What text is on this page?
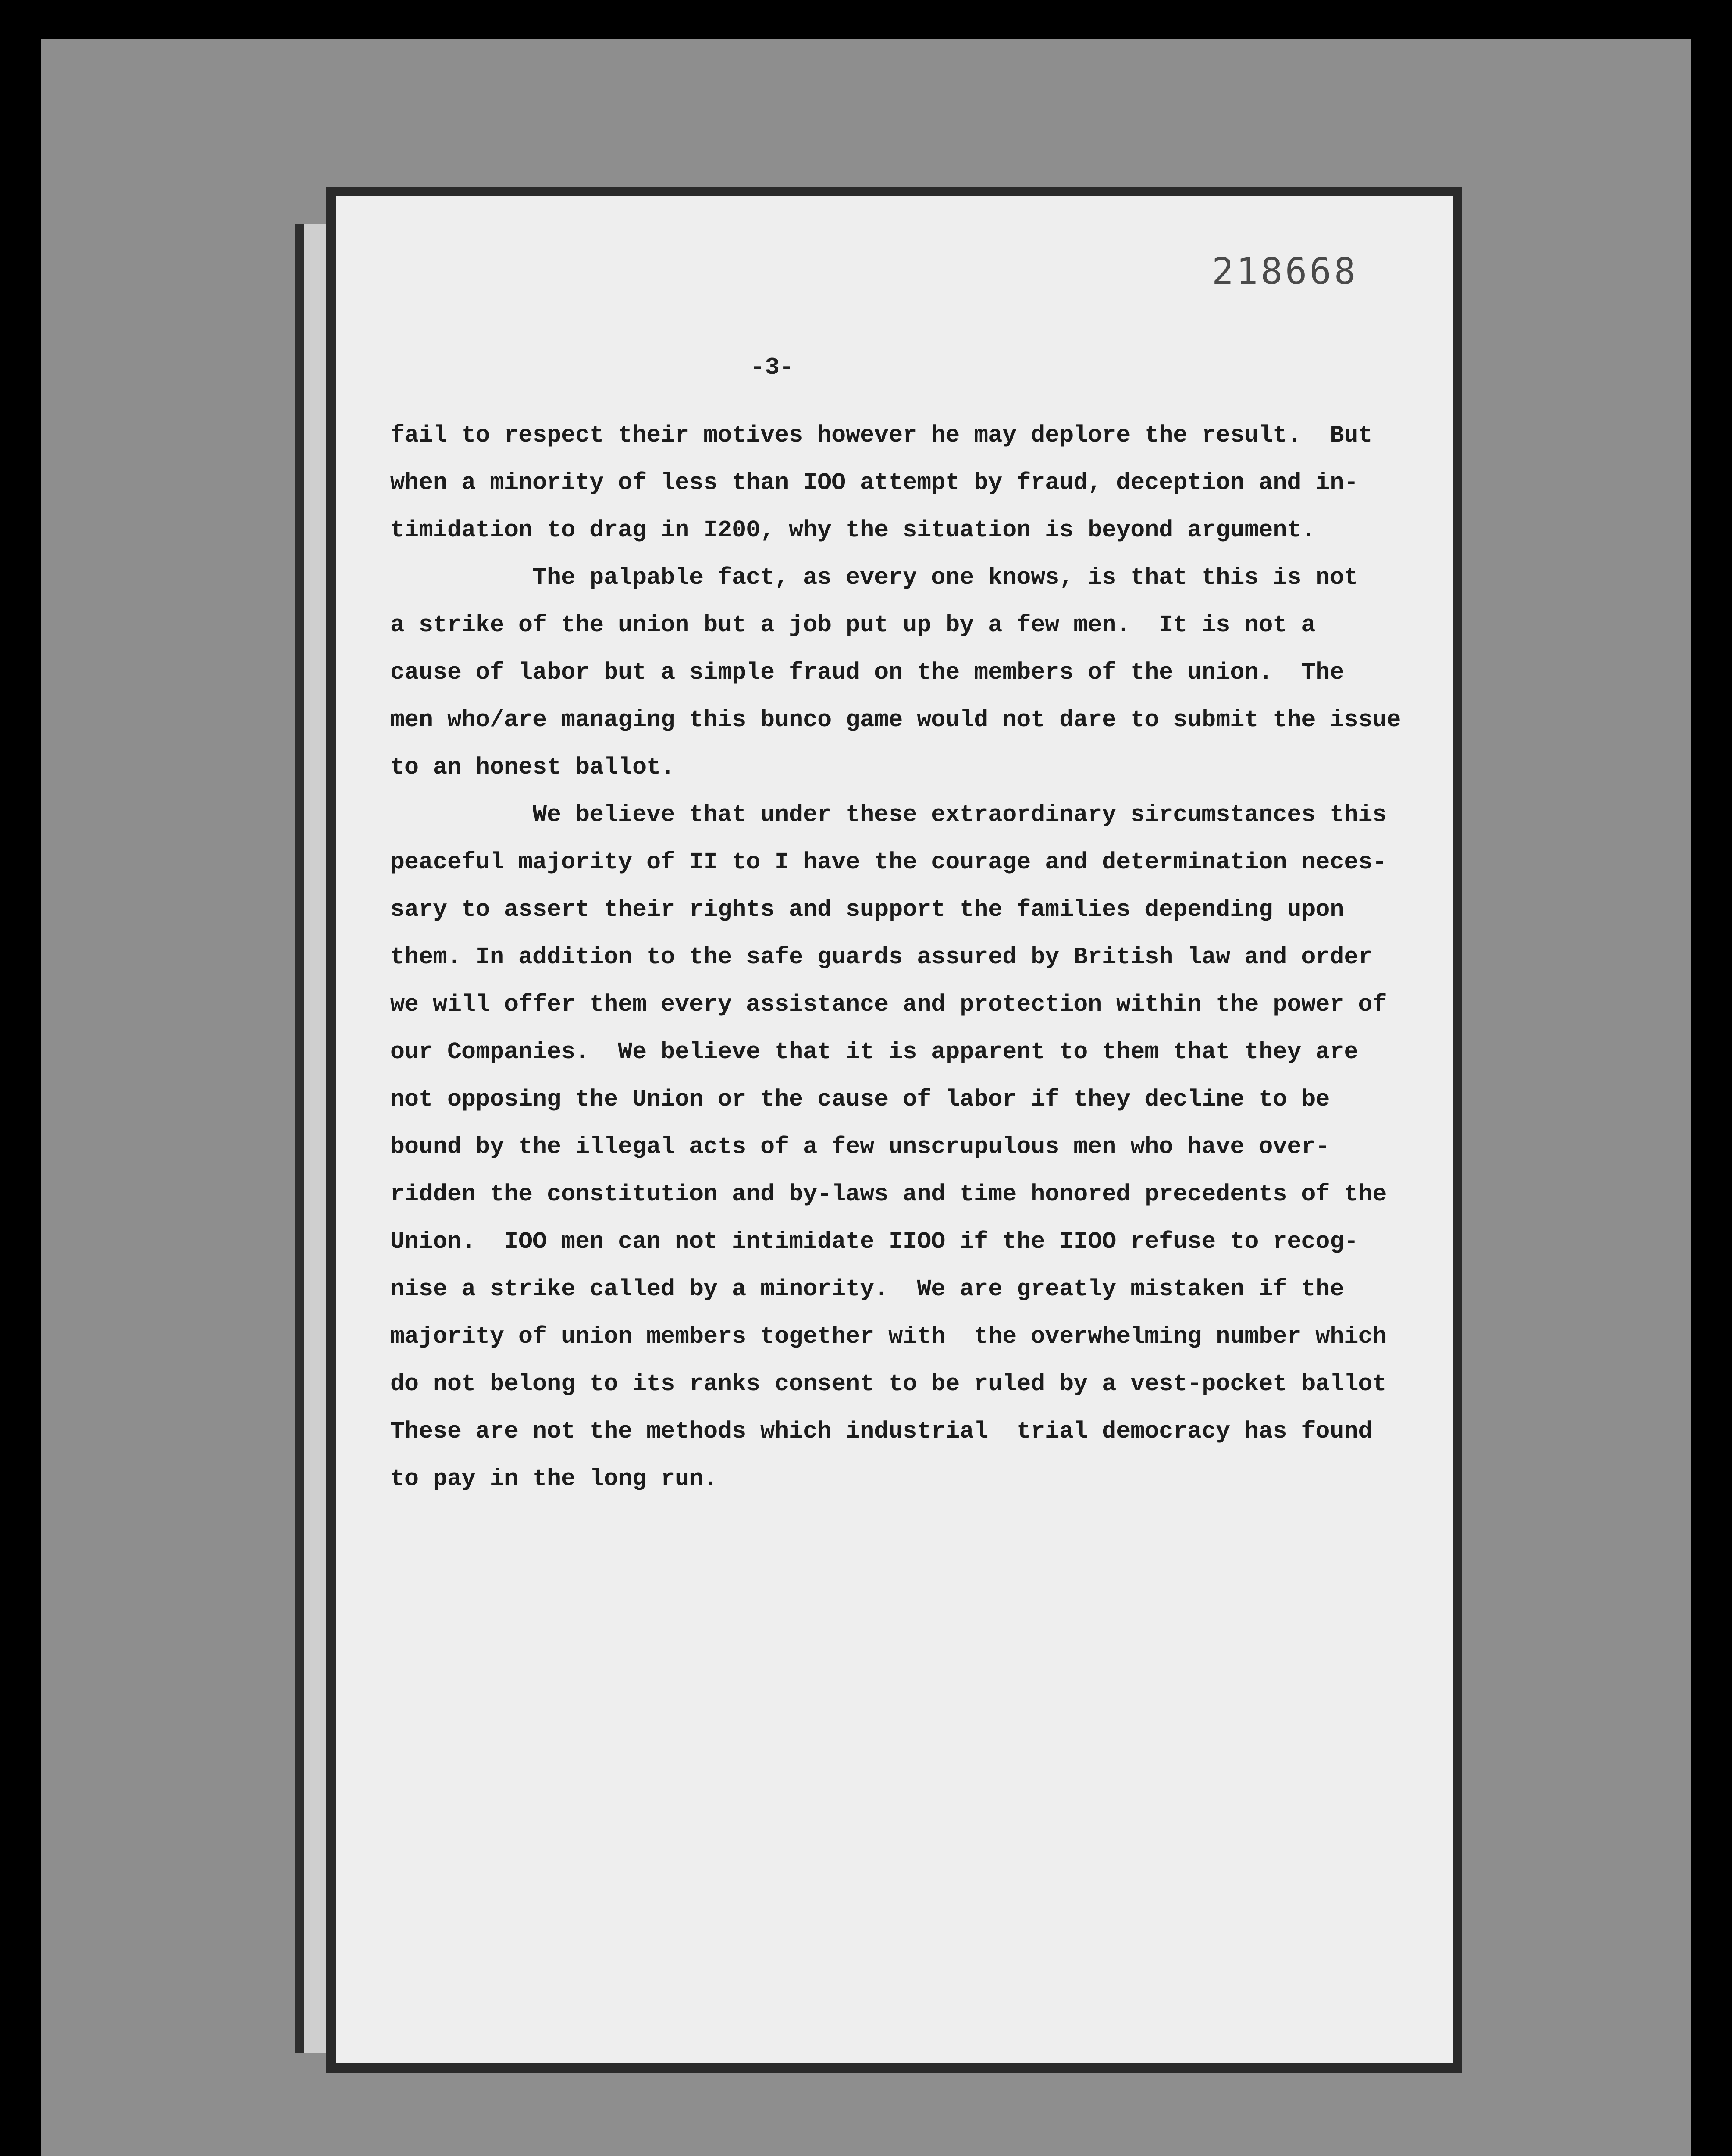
218668
-3-
fail to respect their motives however he may deplore the result.  But
when a minority of less than IOO attempt by fraud, deception and in-
timidation to drag in I200, why the situation is beyond argument.
The palpable fact, as every one knows, is that this is not
a strike of the union but a job put up by a few men.  It is not a
cause of labor but a simple fraud on the members of the union.  The
men who/are managing this bunco game would not dare to submit the issue
to an honest ballot.
We believe that under these extraordinary sircumstances this
peaceful majority of II to I have the courage and determination neces-
sary to assert their rights and support the families depending upon
them. In addition to the safe guards assured by British law and order
we will offer them every assistance and protection within the power of
our Companies.  We believe that it is apparent to them that they are
not opposing the Union or the cause of labor if they decline to be
bound by the illegal acts of a few unscrupulous men who have over-
ridden the constitution and by-laws and time honored precedents of the
Union.  IOO men can not intimidate IIOO if the IIOO refuse to recog-
nise a strike called by a minority.  We are greatly mistaken if the
majority of union members together with  the overwhelming number which
do not belong to its ranks consent to be ruled by a vest-pocket ballot
These are not the methods which industrial  trial democracy has found
to pay in the long run.
